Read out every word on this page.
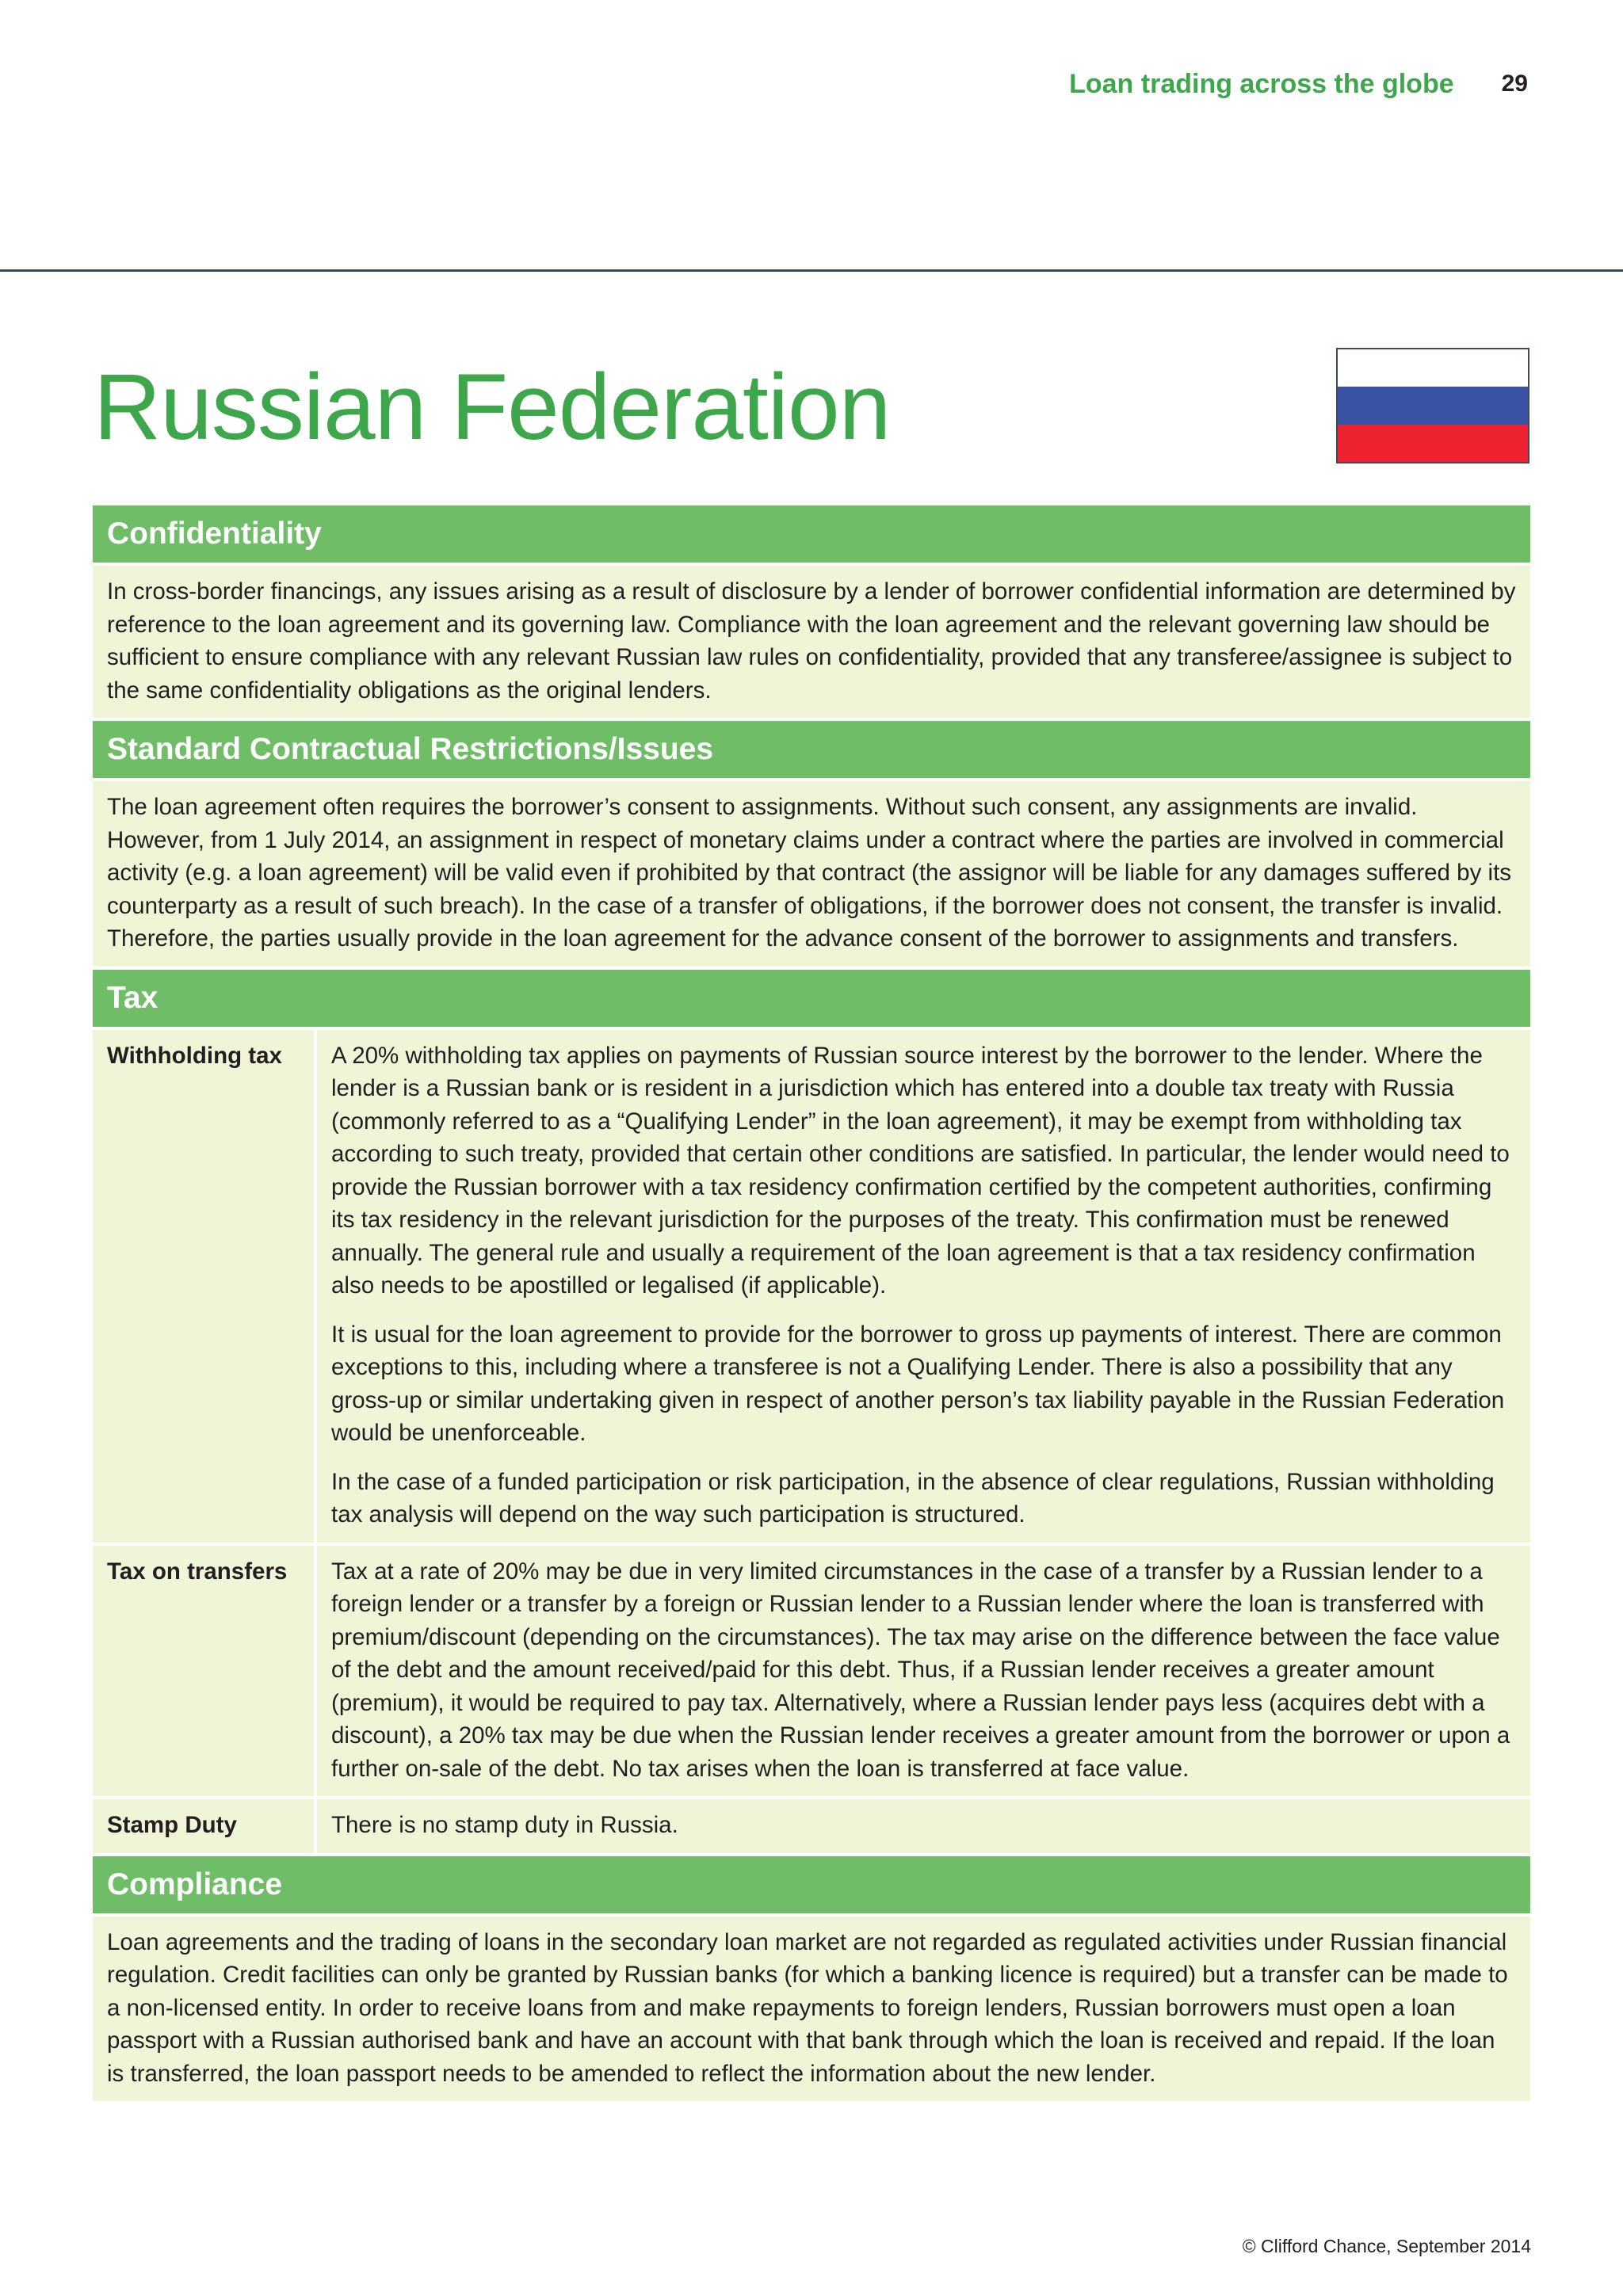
Loan trading across the globe 29
Russian Federation
Confidentiality

In cross-border financings, any issues arising as a result of disclosure by a lender of borrower confidential information are determined by reference to the loan agreement and its governing law. Compliance with the loan agreement and the relevant governing law should be sufficient to ensure compliance with any relevant Russian law rules on confidentiality, provided that any transferee/assignee is subject to the same confidentiality obligations as the original lenders.

Standard Contractual Restrictions/Issues

The loan agreement often requires the borrower’s consent to assignments. Without such consent, any assignments are invalid. However, from 1 July 2014, an assignment in respect of monetary claims under a contract where the parties are involved in commercial activity (e.g. a loan agreement) will be valid even if prohibited by that contract (the assignor will be liable for any damages suffered by its counterparty as a result of such breach). In the case of a transfer of obligations, if the borrower does not consent, the transfer is invalid. Therefore, the parties usually provide in the loan agreement for the advance consent of the borrower to assignments and transfers.

Tax
Withholding tax	A 20% withholding tax applies on payments of Russian source interest by the borrower to the lender. Where the lender is a Russian bank or is resident in a jurisdiction which has entered into a double tax treaty with Russia (commonly referred to as a “Qualifying Lender” in the loan agreement), it may be exempt from withholding tax according to such treaty, provided that certain other conditions are satisfied. In particular, the lender would need to provide the Russian borrower with a tax residency confirmation certified by the competent authorities, confirming its tax residency in the relevant jurisdiction for the purposes of the treaty. This confirmation must be renewed annually. The general rule and usually a requirement of the loan agreement is that a tax residency confirmation also needs to be apostilled or legalised (if applicable).

It is usual for the loan agreement to provide for the borrower to gross up payments of interest. There are common exceptions to this, including where a transferee is not a Qualifying Lender. There is also a possibility that any gross-up or similar undertaking given in respect of another person’s tax liability payable in the Russian Federation would be unenforceable.

In the case of a funded participation or risk participation, in the absence of clear regulations, Russian withholding tax analysis will depend on the way such participation is structured.

Tax on transfers	Tax at a rate of 20% may be due in very limited circumstances in the case of a transfer by a Russian lender to a foreign lender or a transfer by a foreign or Russian lender to a Russian lender where the loan is transferred with premium/discount (depending on the circumstances). The tax may arise on the difference between the face value of the debt and the amount received/paid for this debt. Thus, if a Russian lender receives a greater amount (premium), it would be required to pay tax. Alternatively, where a Russian lender pays less (acquires debt with a discount), a 20% tax may be due when the Russian lender receives a greater amount from the borrower or upon a further on-sale of the debt. No tax arises when the loan is transferred at face value.

Stamp Duty	There is no stamp duty in Russia.

Compliance

Loan agreements and the trading of loans in the secondary loan market are not regarded as regulated activities under Russian financial regulation. Credit facilities can only be granted by Russian banks (for which a banking licence is required) but a transfer can be made to a non-licensed entity. In order to receive loans from and make repayments to foreign lenders, Russian borrowers must open a loan passport with a Russian authorised bank and have an account with that bank through which the loan is received and repaid. If the loan is transferred, the loan passport needs to be amended to reflect the information about the new lender.

© Clifford Chance, September 2014
